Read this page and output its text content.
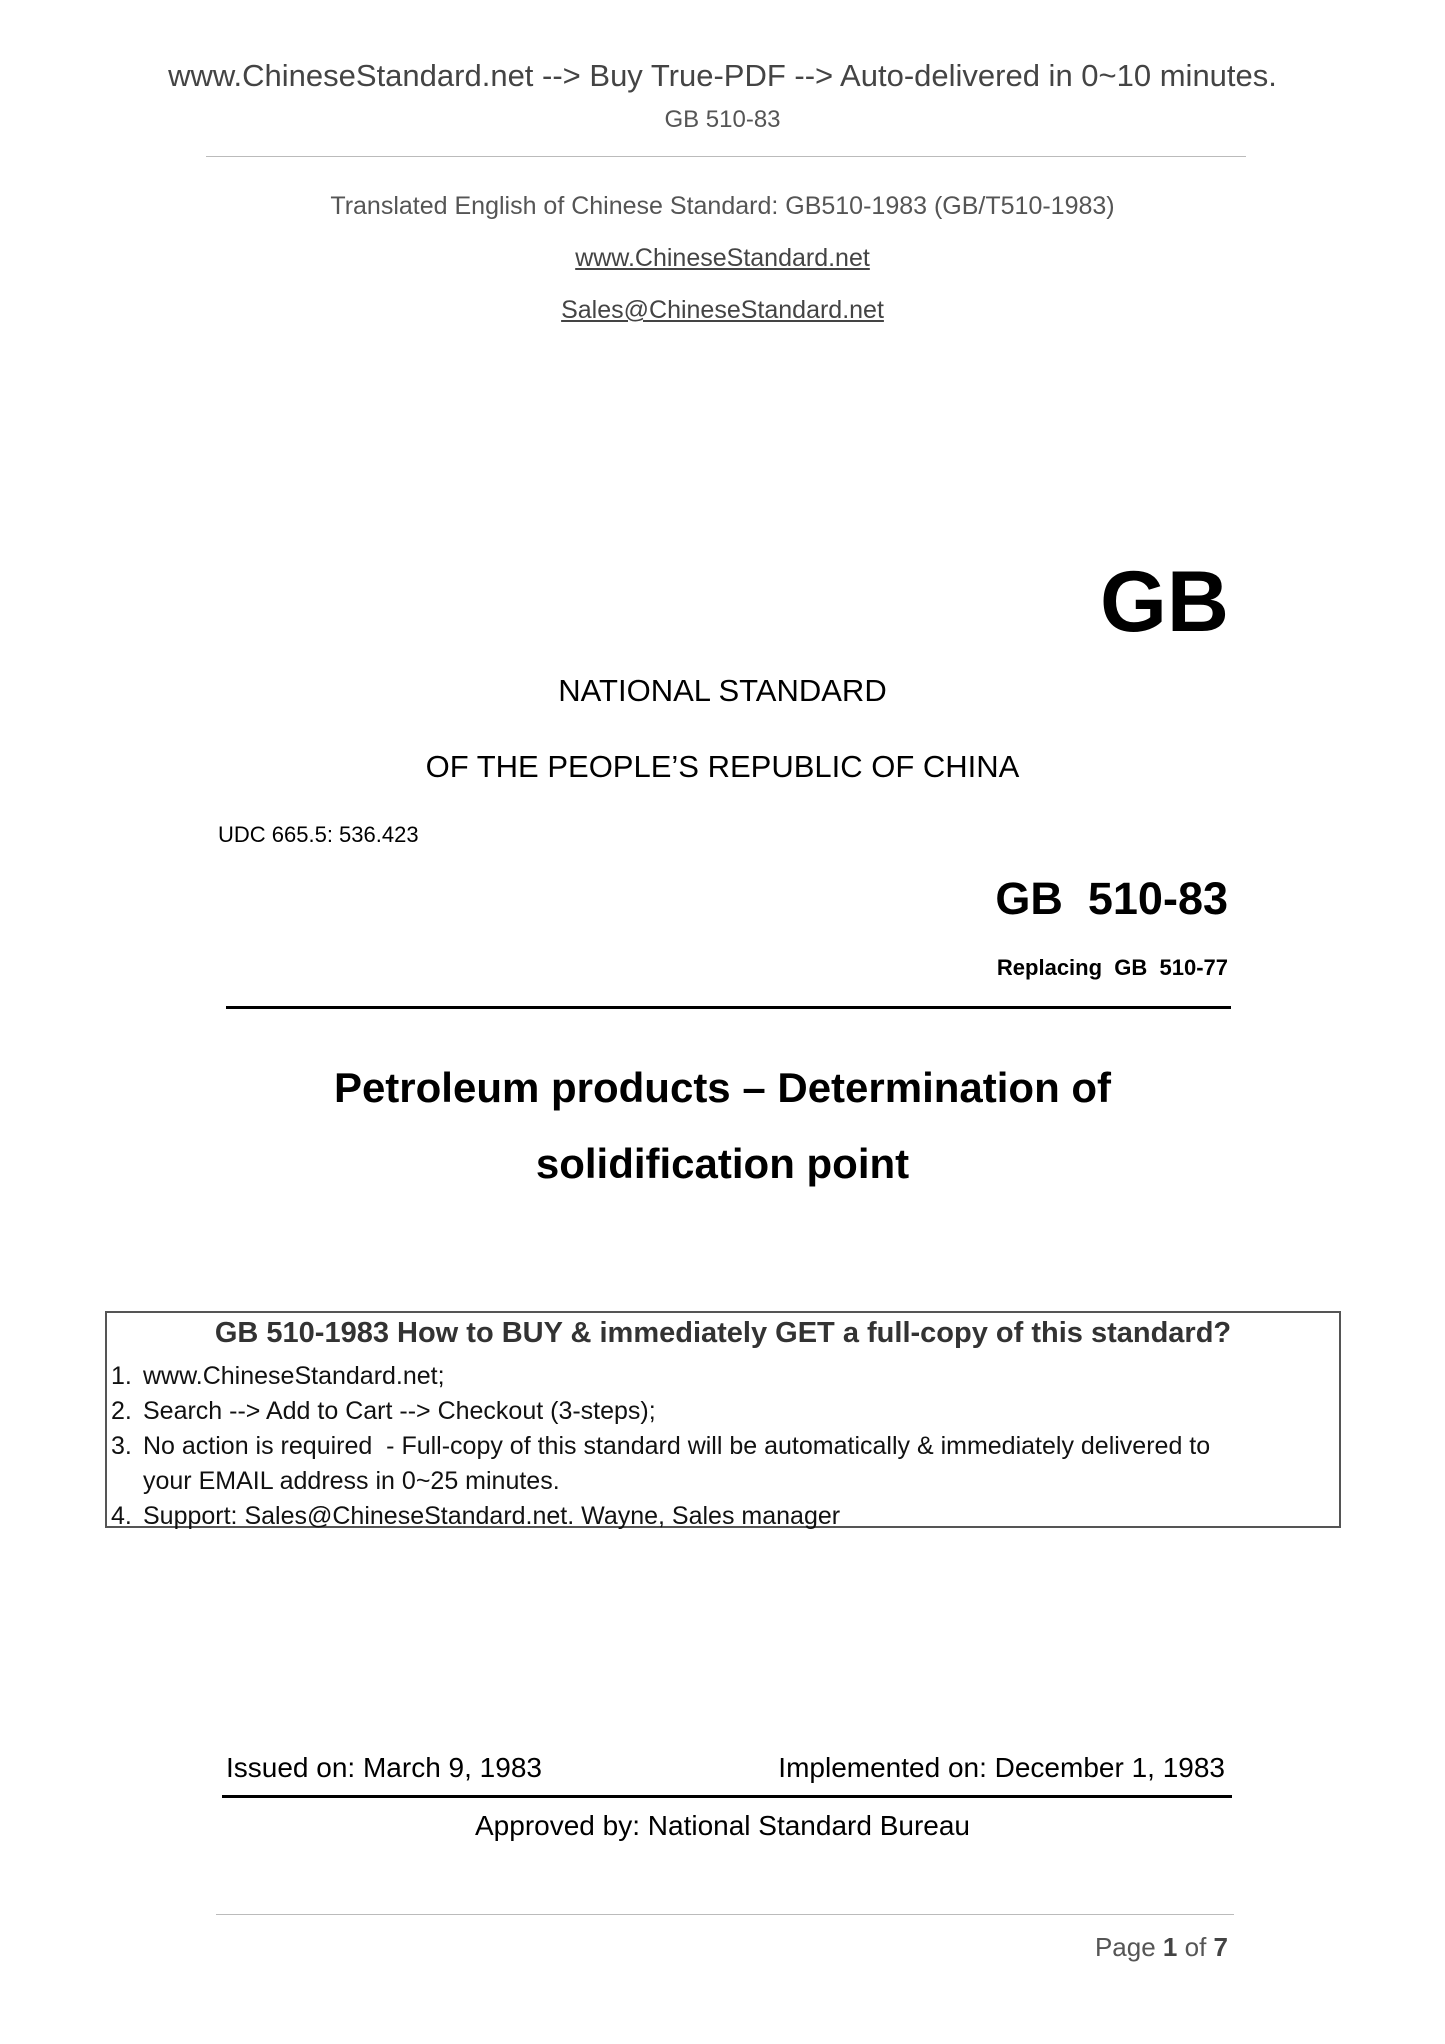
www.ChineseStandard.net --> Buy True-PDF --> Auto-delivered in 0~10 minutes.
GB 510-83
Translated English of Chinese Standard: GB510-1983 (GB/T510-1983)
www.ChineseStandard.net
Sales@ChineseStandard.net
GB
NATIONAL STANDARD
OF THE PEOPLE’S REPUBLIC OF CHINA
UDC 665.5: 536.423
GB  510-83
Replacing  GB  510-77
Petroleum products – Determination of
solidification point
GB 510-1983 How to BUY & immediately GET a full-copy of this standard?
1. www.ChineseStandard.net;
2. Search --> Add to Cart --> Checkout (3-steps);
3. No action is required  - Full-copy of this standard will be automatically & immediately delivered to
your EMAIL address in 0~25 minutes.
4. Support: Sales@ChineseStandard.net. Wayne, Sales manager
Issued on: March 9, 1983	Implemented on: December 1, 1983
Approved by: National Standard Bureau
Page 1 of 7
